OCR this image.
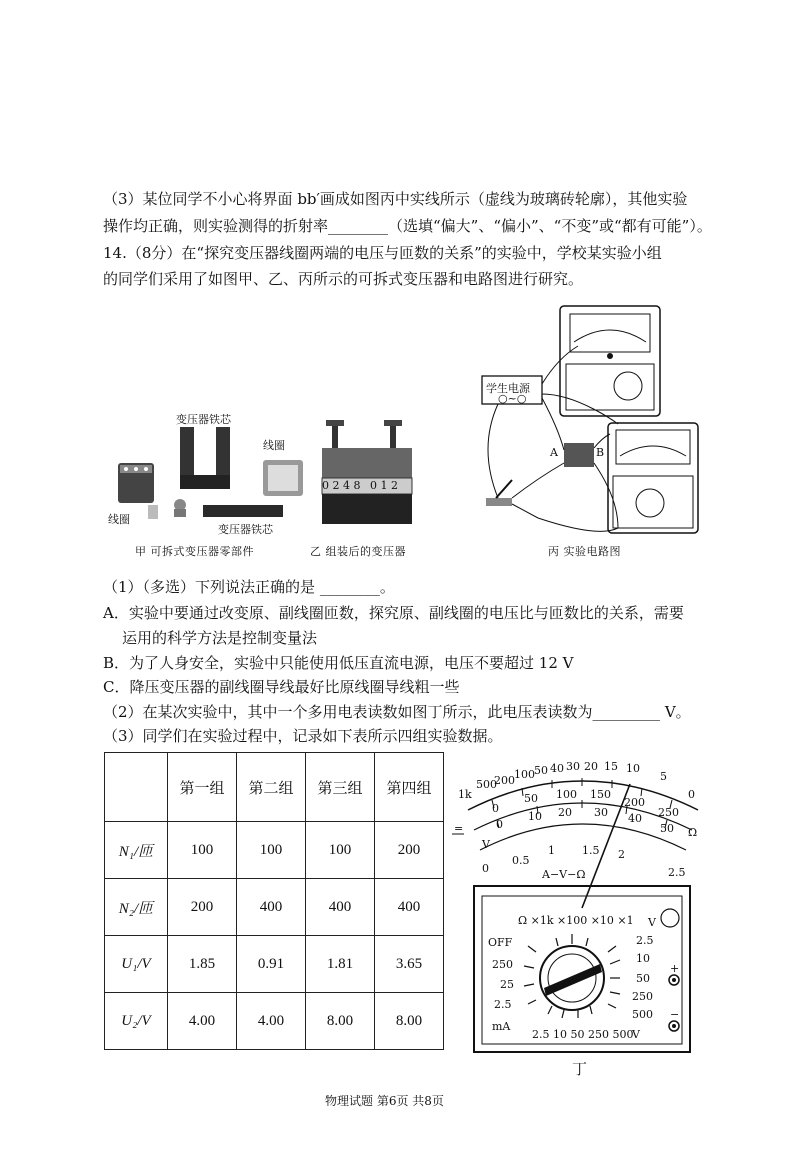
（3）某位同学不小心将界面 bb′画成如图丙中实线所示（虚线为玻璃砖轮廓），其他实验
操作均正确，则实验测得的折射率________（选填“偏大”、“偏小”、“不变”或“都有可能”）。
14.（8分）在“探究变压器线圈两端的电压与匝数的关系”的实验中，学校某实验小组
的同学们采用了如图甲、乙、丙所示的可拆式变压器和电路图进行研究。
变压器铁芯
线圈
线圈
变压器铁芯
甲 可拆式变压器零部件
0 2 4 8 0 1 2
乙 组装后的变压器
学生电源
○~○
A	B
丙 实验电路图
（1）（多选）下列说法正确的是 ________。
A．实验中要通过改变原、副线圈匝数，探究原、副线圈的电压比与匝数比的关系，需要
运用的科学方法是控制变量法
B．为了人身安全，实验中只能使用低压直流电源，电压不要超过 12 V
C．降压变压器的副线圈导线最好比原线圈导线粗一些
（2）在某次实验中，其中一个多用电表读数如图丁所示，此电压表读数为_________ V。
（3）同学们在实验过程中，记录如下表所示四组实验数据。
	第一组	第二组	第三组	第四组
N₁/匝	100	100	100	200
N₂/匝	200	400	400	400
U₁/V	1.85	0.91	1.81	3.65
U₂/V	4.00	4.00	8.00	8.00
1k
500
200 100 50 40 30 20 15 10
5
0
0
50 100 150
200
250
0
10 20 30 40
50
0
0.5
1 1.5 2
2.5
Ω
V
=
A−V−Ω
Ω ×1k ×100 ×10 ×1 V
OFF
250
25
2.5
mA
2.5
10
50
250
500
2.5 10 50 250 500
V
+
−
丁
物理试题 第6页 共8页
